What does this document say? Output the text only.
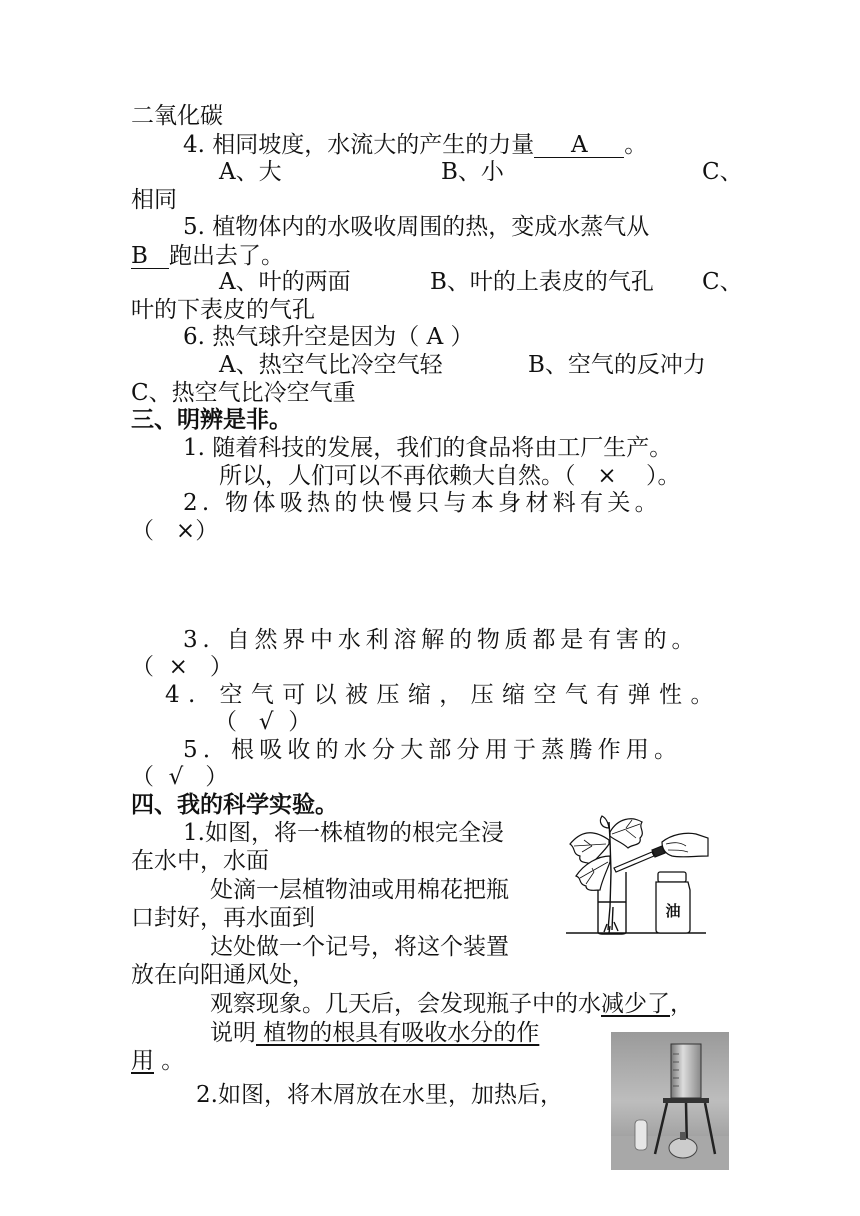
二氧化碳
4. 相同坡度，水流大的产生的力量 A 。
A、大	B、小	C、
相同
5. 植物体内的水吸收周围的热，变成水蒸气从
B 跑出去了。
A、叶的两面	B、叶的上表皮的气孔 C、
叶的下表皮的气孔
6. 热气球升空是因为（ A ）
A、热空气比冷空气轻	B、空气的反冲力
C、热空气比冷空气重
三、明辨是非。
1. 随着科技的发展，我们的食品将由工厂生产。
所以，人们可以不再依赖大自然。（   ×    ）。
2. 物体吸热的快慢只与本身材料有关。
（   ×）
3. 自然界中水利溶解的物质都是有害的。
（  ×   ）
4. 空气可以被压缩，压缩空气有弹性。
（   √  ）
5．根吸收的水分大部分用于蒸腾作用。
（  √   ）
四、我的科学实验。
1.如图，将一株植物的根完全浸
在水中，水面
处滴一层植物油或用棉花把瓶
口封好，再水面到
达处做一个记号，将这个装置
放在向阳通风处，
观察现象。几天后，会发现瓶子中的水减少了，
说明 植物的根具有吸收水分的作
用 。
2.如图，将木屑放在水里，加热后，
油
